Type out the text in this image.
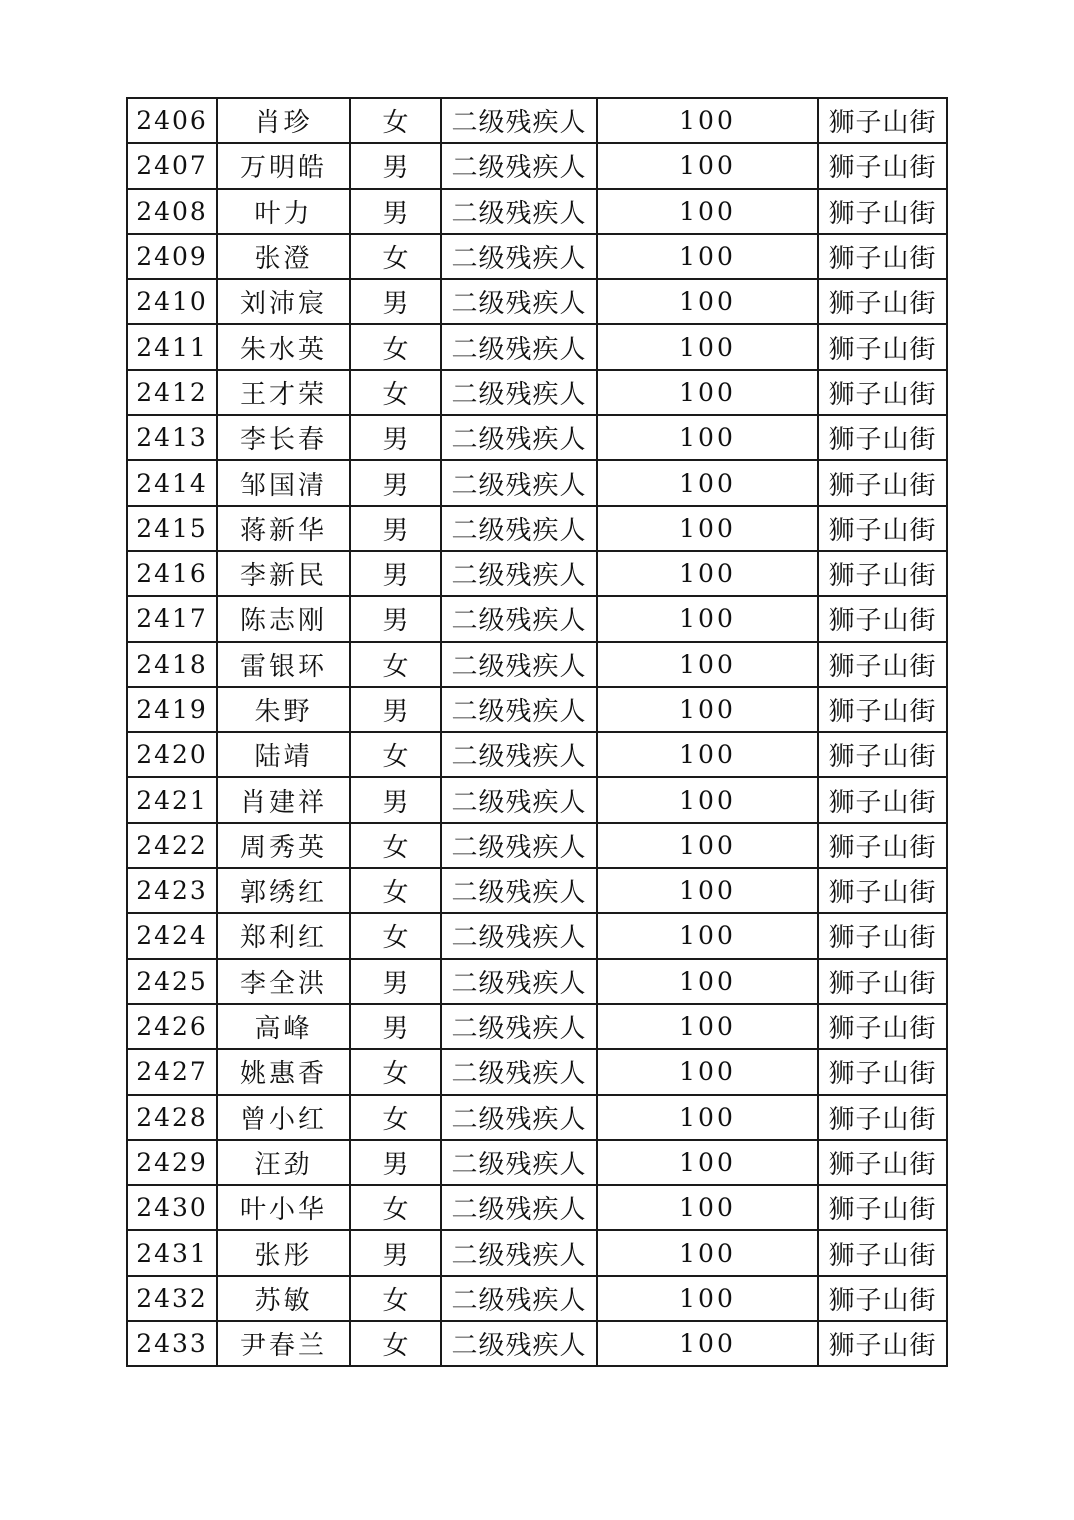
2406	肖珍	女	二级残疾人	100	狮子山街
2407	万明皓	男	二级残疾人	100	狮子山街
2408	叶力	男	二级残疾人	100	狮子山街
2409	张澄	女	二级残疾人	100	狮子山街
2410	刘沛宸	男	二级残疾人	100	狮子山街
2411	朱水英	女	二级残疾人	100	狮子山街
2412	王才荣	女	二级残疾人	100	狮子山街
2413	李长春	男	二级残疾人	100	狮子山街
2414	邹国清	男	二级残疾人	100	狮子山街
2415	蒋新华	男	二级残疾人	100	狮子山街
2416	李新民	男	二级残疾人	100	狮子山街
2417	陈志刚	男	二级残疾人	100	狮子山街
2418	雷银环	女	二级残疾人	100	狮子山街
2419	朱野	男	二级残疾人	100	狮子山街
2420	陆靖	女	二级残疾人	100	狮子山街
2421	肖建祥	男	二级残疾人	100	狮子山街
2422	周秀英	女	二级残疾人	100	狮子山街
2423	郭绣红	女	二级残疾人	100	狮子山街
2424	郑利红	女	二级残疾人	100	狮子山街
2425	李全洪	男	二级残疾人	100	狮子山街
2426	高峰	男	二级残疾人	100	狮子山街
2427	姚惠香	女	二级残疾人	100	狮子山街
2428	曾小红	女	二级残疾人	100	狮子山街
2429	汪劲	男	二级残疾人	100	狮子山街
2430	叶小华	女	二级残疾人	100	狮子山街
2431	张彤	男	二级残疾人	100	狮子山街
2432	苏敏	女	二级残疾人	100	狮子山街
2433	尹春兰	女	二级残疾人	100	狮子山街
